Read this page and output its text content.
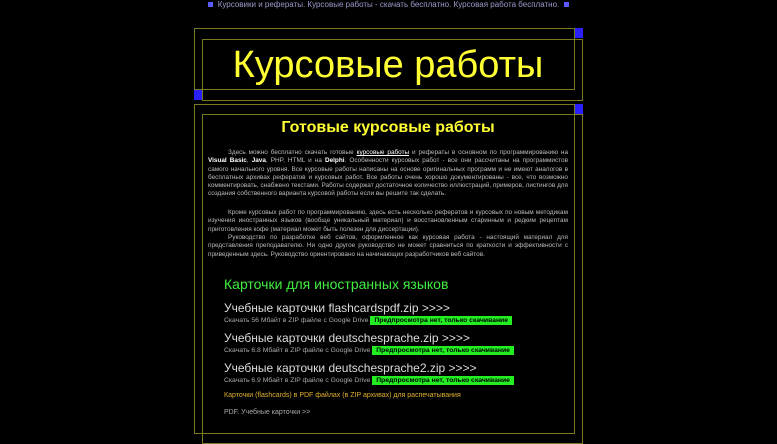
Курсовики и рефераты. Курсовые работы - скачать бесплатно. Курсовая работа бесплатно.
Курсовые работы
Готовые курсовые работы

Здесь можно бесплатно скачать готовые курсовые работы и рефераты в основном по программированию на Visual Basic, Java, PHP, HTML и на Delphi. Особенности курсовых работ - все они рассчитаны на программистов самого начального уровня. Все курсовые работы написаны на основе оригинальных программ и не имеют аналогов в бесплатных архивах рефератов и курсовых работ. Все работы очень хорошо документированы - все, что возможно комментировать, снабжено текстами. Работы содержат достаточное количество иллюстраций, примеров, листингов для создания собственного варианта курсовой работы если вы решите так сделать.

Кроме курсовых работ по программированию, здесь есть несколько рефератов и курсовых по новым методикам изучения иностранных языков (вообще уникальный материал) и восстановленным старинным и редким рецептам приготовления кофе (материал может быть полезен для диссертации).

Руководство по разработке веб сайтов, оформленное как курсовая работа - настоящий материал для представления преподавателю. Ни одно другое руководство не может сравниться по краткости и эффективности с приведенным здесь. Руководство ориентировано на начинающих разработчиков веб сайтов.

Карточки для иностранных языков
Учебные карточки flashcardspdf.zip >>>>
Скачать 56 Мбайт в ZIP файле с Google Drive Предпросмотра нет, только скачивание
Учебные карточки deutschesprache.zip >>>>
Скачать 6.8 Мбайт в ZIP файле с Google Drive Предпросмотра нет, только скачивание
Учебные карточки deutschesprache2.zip >>>>
Скачать 6.9 Мбайт в ZIP файле с Google Drive Предпросмотра нет, только скачивание
Карточки (flashcards) в PDF файлах (в ZIP архивах) для распечатывания
PDF. Учебные карточки >>
